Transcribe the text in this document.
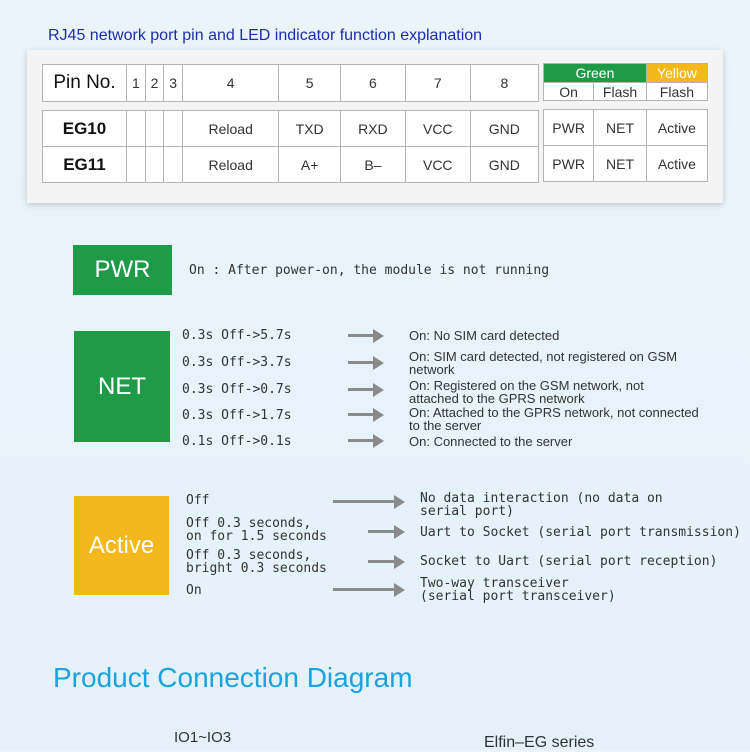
RJ45 network port pin and LED indicator function explanation
Pin No.	1	2	3	4	5	6	7	8

EG10				Reload	TXD	RXD	VCC	GND
EG11				Reload	A+	B–	VCC	GND
Green		Yellow
On	Flash	Flash

PWR	NET	Active
PWR	NET	Active
PWR	On : After power-on, the module is not running
NET
0.3s Off->5.7s	On: No SIM card detected
0.3s Off->3.7s	On: SIM card detected, not registered on GSM
network
0.3s Off->0.7s	On: Registered on the GSM network, not
attached to the GPRS network
0.3s Off->1.7s	On: Attached to the GPRS network, not connected
to the server
0.1s Off->0.1s	On: Connected to the server
Active
Off	No data interaction (no data on
serial port)
Off 0.3 seconds,
on for 1.5 seconds	Uart to Socket (serial port transmission)
Off 0.3 seconds,
bright 0.3 seconds	Socket to Uart (serial port reception)
On	Two-way transceiver
(serial port transceiver)
Product Connection Diagram
IO1~IO3	Elfin–EG series
